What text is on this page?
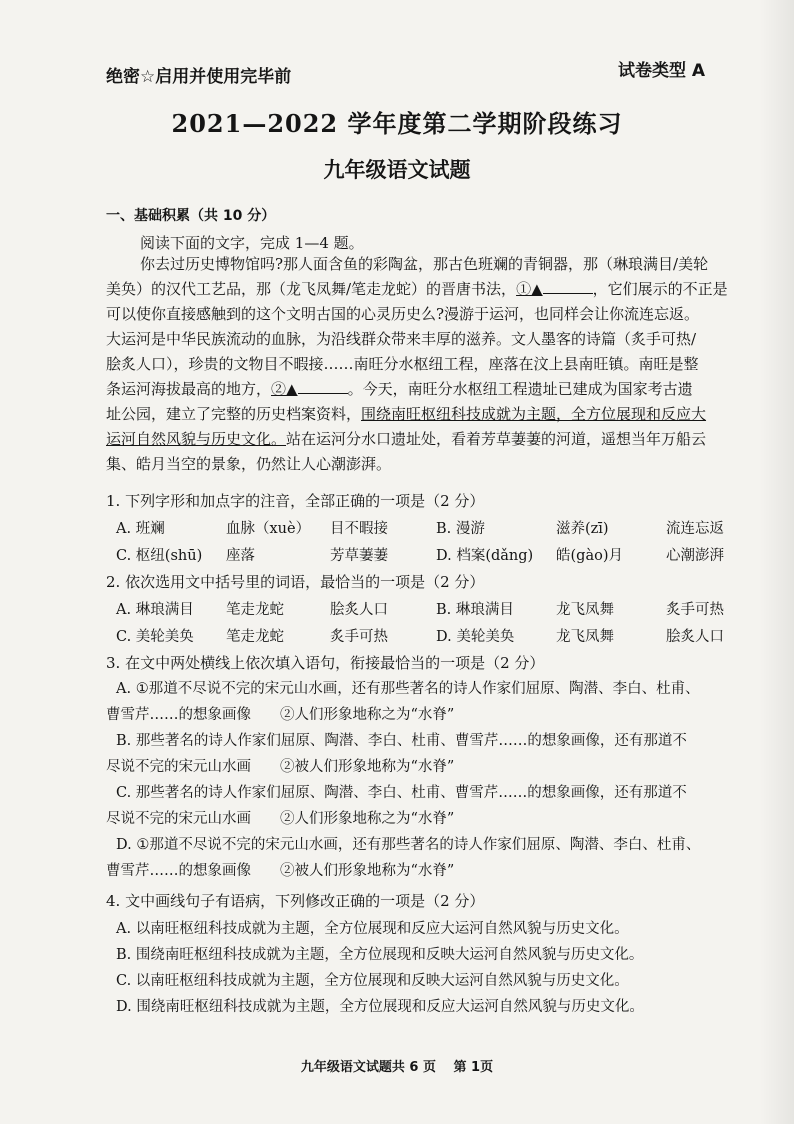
绝密☆启用并使用完毕前	试卷类型 A
2021—2022 学年度第二学期阶段练习
九年级语文试题
一、基础积累（共 10 分）
阅读下面的文字，完成 1—4 题。
你去过历史博物馆吗?那人面含鱼的彩陶盆，那古色班斓的青铜器，那（琳琅满目/美轮
美奂）的汉代工艺品，那（龙飞凤舞/笔走龙蛇）的晋唐书法，①▲	，它们展示的不正是
可以使你直接感触到的这个文明古国的心灵历史么?漫游于运河，也同样会让你流连忘返。
大运河是中华民族流动的血脉，为沿线群众带来丰厚的滋养。文人墨客的诗篇（炙手可热/
脍炙人口），珍贵的文物目不暇接……南旺分水枢纽工程，座落在汶上县南旺镇。南旺是整
条运河海拔最高的地方，②▲	。今天，南旺分水枢纽工程遗址已建成为国家考古遗
址公园，建立了完整的历史档案资料，围绕南旺枢纽科技成就为主题，全方位展现和反应大
运河自然风貌与历史文化。站在运河分水口遗址处，看着芳草萋萋的河道，遥想当年万船云
集、皓月当空的景象，仍然让人心潮澎湃。
1. 下列字形和加点字的注音，全部正确的一项是（2 分）
A. 班斓	血脉（xuè） 目不暇接	B. 漫游	滋养(zī)	流连忘返
C. 枢纽(shū) 座落	芳草萋萋	D. 档案(dǎng) 皓(gào)月	心潮澎湃
2. 依次选用文中括号里的词语，最恰当的一项是（2 分）
A. 琳琅满目 笔走龙蛇	脍炙人口	B. 琳琅满目	龙飞凤舞	炙手可热
C. 美轮美奂 笔走龙蛇	炙手可热	D. 美轮美奂	龙飞凤舞	脍炙人口
3. 在文中两处横线上依次填入语句，衔接最恰当的一项是（2 分）
A. ①那道不尽说不完的宋元山水画，还有那些著名的诗人作家们屈原、陶潜、李白、杜甫、
曹雪芹……的想象画像　　②人们形象地称之为“水脊”
B. 那些著名的诗人作家们屈原、陶潜、李白、杜甫、曹雪芹……的想象画像，还有那道不
尽说不完的宋元山水画　　②被人们形象地称为“水脊”
C. 那些著名的诗人作家们屈原、陶潜、李白、杜甫、曹雪芹……的想象画像，还有那道不
尽说不完的宋元山水画　　②人们形象地称之为“水脊”
D. ①那道不尽说不完的宋元山水画，还有那些著名的诗人作家们屈原、陶潜、李白、杜甫、
曹雪芹……的想象画像　　②被人们形象地称为“水脊”
4. 文中画线句子有语病，下列修改正确的一项是（2 分）
A. 以南旺枢纽科技成就为主题，全方位展现和反应大运河自然风貌与历史文化。
B. 围绕南旺枢纽科技成就为主题，全方位展现和反映大运河自然风貌与历史文化。
C. 以南旺枢纽科技成就为主题，全方位展现和反映大运河自然风貌与历史文化。
D. 围绕南旺枢纽科技成就为主题，全方位展现和反应大运河自然风貌与历史文化。
九年级语文试题共 6 页　 第 1页
